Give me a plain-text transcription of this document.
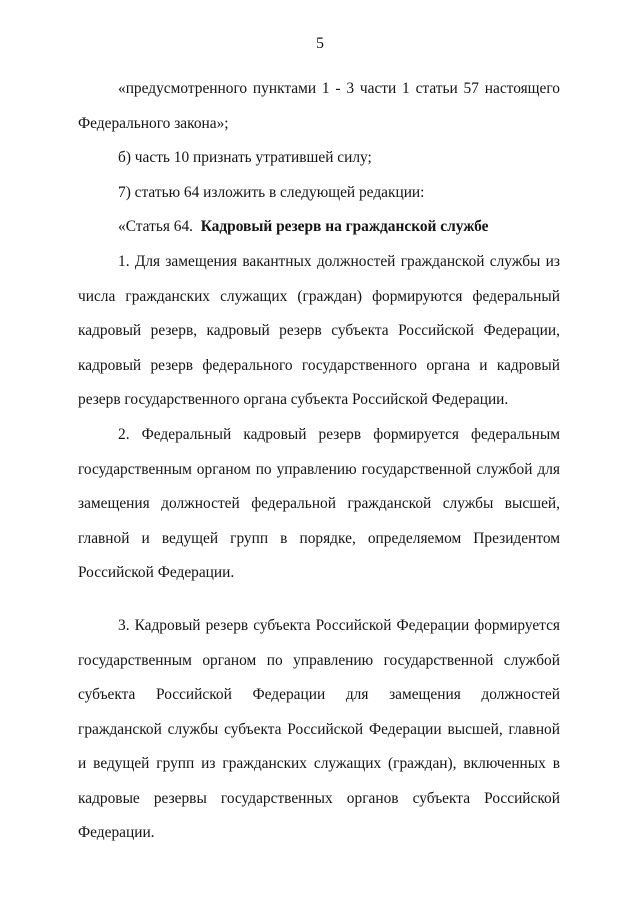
5

«предусмотренного пунктами 1 - 3 части 1 статьи 57 настоящего Федерального закона»;

б) часть 10 признать утратившей силу;

7) статью 64 изложить в следующей редакции:

«Статья 64. Кадровый резерв на гражданской службе

1. Для замещения вакантных должностей гражданской службы из числа гражданских служащих (граждан) формируются федеральный кадровый резерв, кадровый резерв субъекта Российской Федерации, кадровый резерв федерального государственного органа и кадровый резерв государственного органа субъекта Российской Федерации.

2. Федеральный кадровый резерв формируется федеральным государственным органом по управлению государственной службой для замещения должностей федеральной гражданской службы высшей, главной и ведущей групп в порядке, определяемом Президентом Российской Федерации.

3. Кадровый резерв субъекта Российской Федерации формируется государственным органом по управлению государственной службой субъекта Российской Федерации для замещения должностей гражданской службы субъекта Российской Федерации высшей, главной и ведущей групп из гражданских служащих (граждан), включенных в кадровые резервы государственных органов субъекта Российской Федерации.
